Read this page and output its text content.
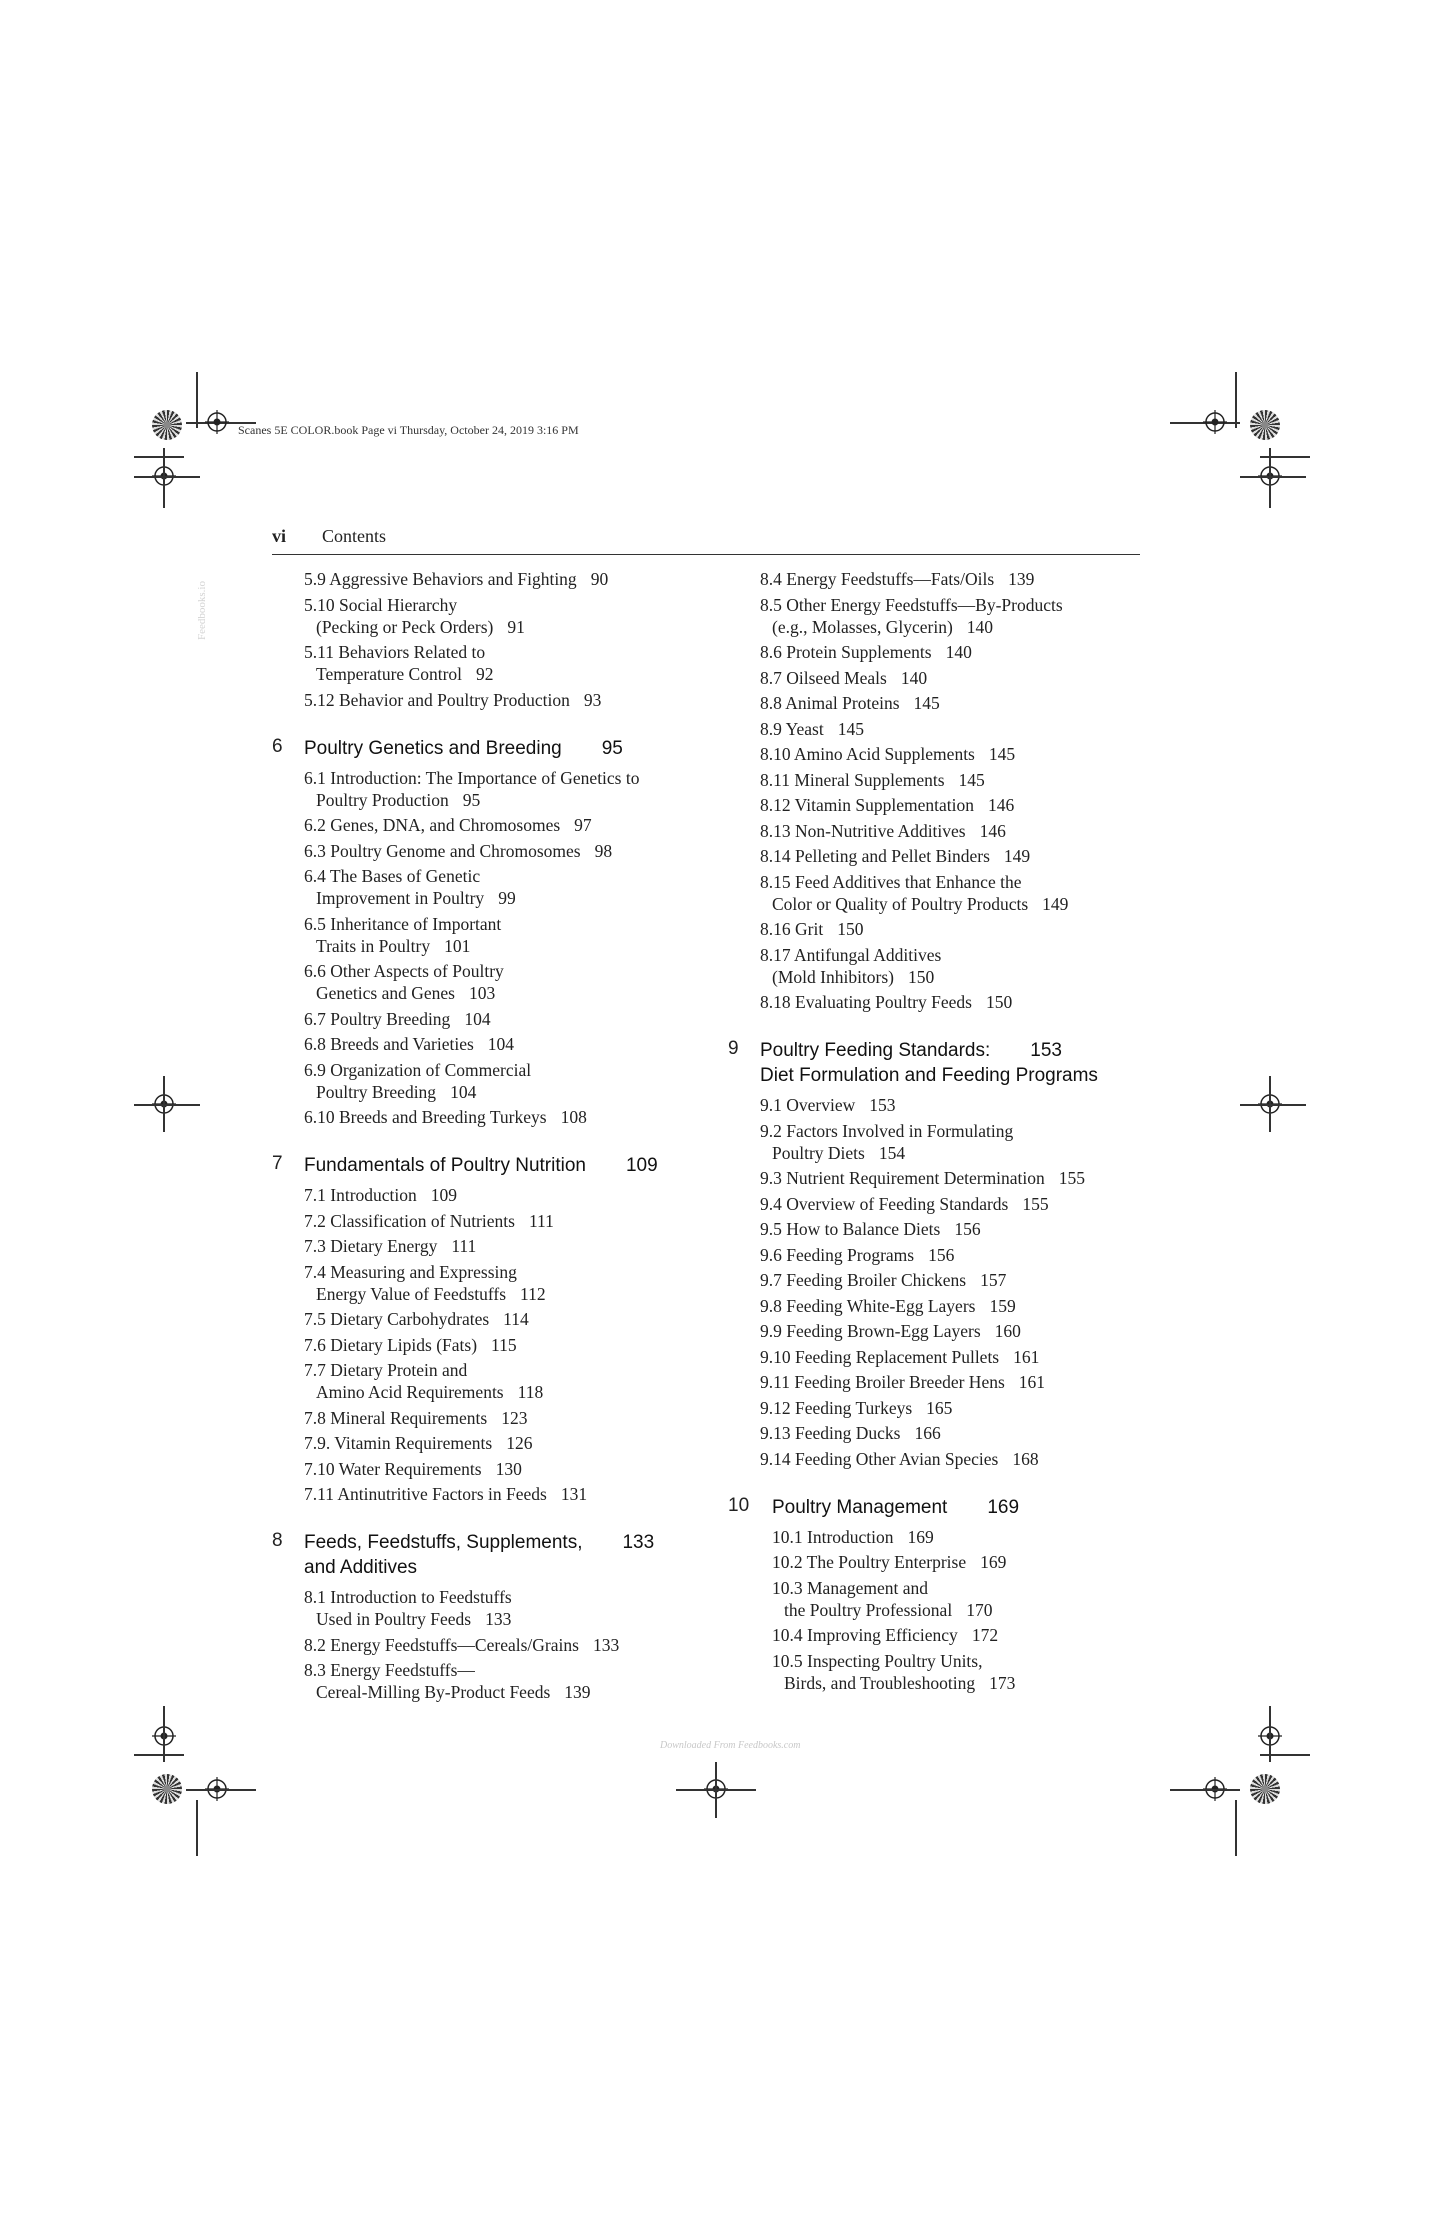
Scanes 5E COLOR.book Page vi Thursday, October 24, 2019 3:16 PM
vi Contents
Feedbooks.io
5.9 Aggressive Behaviors and Fighting 90
5.10 Social Hierarchy
(Pecking or Peck Orders) 91
5.11 Behaviors Related to
Temperature Control 92
5.12 Behavior and Poultry Production 93
6	Poultry Genetics and Breeding 95
6.1 Introduction: The Importance of Genetics to
Poultry Production 95
6.2 Genes, DNA, and Chromosomes 97
6.3 Poultry Genome and Chromosomes 98
6.4 The Bases of Genetic
Improvement in Poultry 99
6.5 Inheritance of Important
Traits in Poultry 101
6.6 Other Aspects of Poultry
Genetics and Genes 103
6.7 Poultry Breeding 104
6.8 Breeds and Varieties 104
6.9 Organization of Commercial
Poultry Breeding 104
6.10 Breeds and Breeding Turkeys 108
7	Fundamentals of Poultry Nutrition 109
7.1 Introduction 109
7.2 Classification of Nutrients 111
7.3 Dietary Energy 111
7.4 Measuring and Expressing
Energy Value of Feedstuffs 112
7.5 Dietary Carbohydrates 114
7.6 Dietary Lipids (Fats) 115
7.7 Dietary Protein and
Amino Acid Requirements 118
7.8 Mineral Requirements 123
7.9. Vitamin Requirements 126
7.10 Water Requirements 130
7.11 Antinutritive Factors in Feeds 131
8	Feeds, Feedstuffs, Supplements, 133
and Additives
8.1 Introduction to Feedstuffs
Used in Poultry Feeds 133
8.2 Energy Feedstuffs—Cereals/Grains 133
8.3 Energy Feedstuffs—
Cereal-Milling By-Product Feeds 139
8.4 Energy Feedstuffs—Fats/Oils 139
8.5 Other Energy Feedstuffs—By-Products
(e.g., Molasses, Glycerin) 140
8.6 Protein Supplements 140
8.7 Oilseed Meals 140
8.8 Animal Proteins 145
8.9 Yeast 145
8.10 Amino Acid Supplements 145
8.11 Mineral Supplements 145
8.12 Vitamin Supplementation 146
8.13 Non-Nutritive Additives 146
8.14 Pelleting and Pellet Binders 149
8.15 Feed Additives that Enhance the
Color or Quality of Poultry Products 149
8.16 Grit 150
8.17 Antifungal Additives
(Mold Inhibitors) 150
8.18 Evaluating Poultry Feeds 150
9	Poultry Feeding Standards: 153
Diet Formulation and Feeding Programs
9.1 Overview 153
9.2 Factors Involved in Formulating
Poultry Diets 154
9.3 Nutrient Requirement Determination 155
9.4 Overview of Feeding Standards 155
9.5 How to Balance Diets 156
9.6 Feeding Programs 156
9.7 Feeding Broiler Chickens 157
9.8 Feeding White-Egg Layers 159
9.9 Feeding Brown-Egg Layers 160
9.10 Feeding Replacement Pullets 161
9.11 Feeding Broiler Breeder Hens 161
9.12 Feeding Turkeys 165
9.13 Feeding Ducks 166
9.14 Feeding Other Avian Species 168
10	Poultry Management 169
10.1 Introduction 169
10.2 The Poultry Enterprise 169
10.3 Management and
the Poultry Professional 170
10.4 Improving Efficiency 172
10.5 Inspecting Poultry Units,
Birds, and Troubleshooting 173
Downloaded From Feedbooks.com
